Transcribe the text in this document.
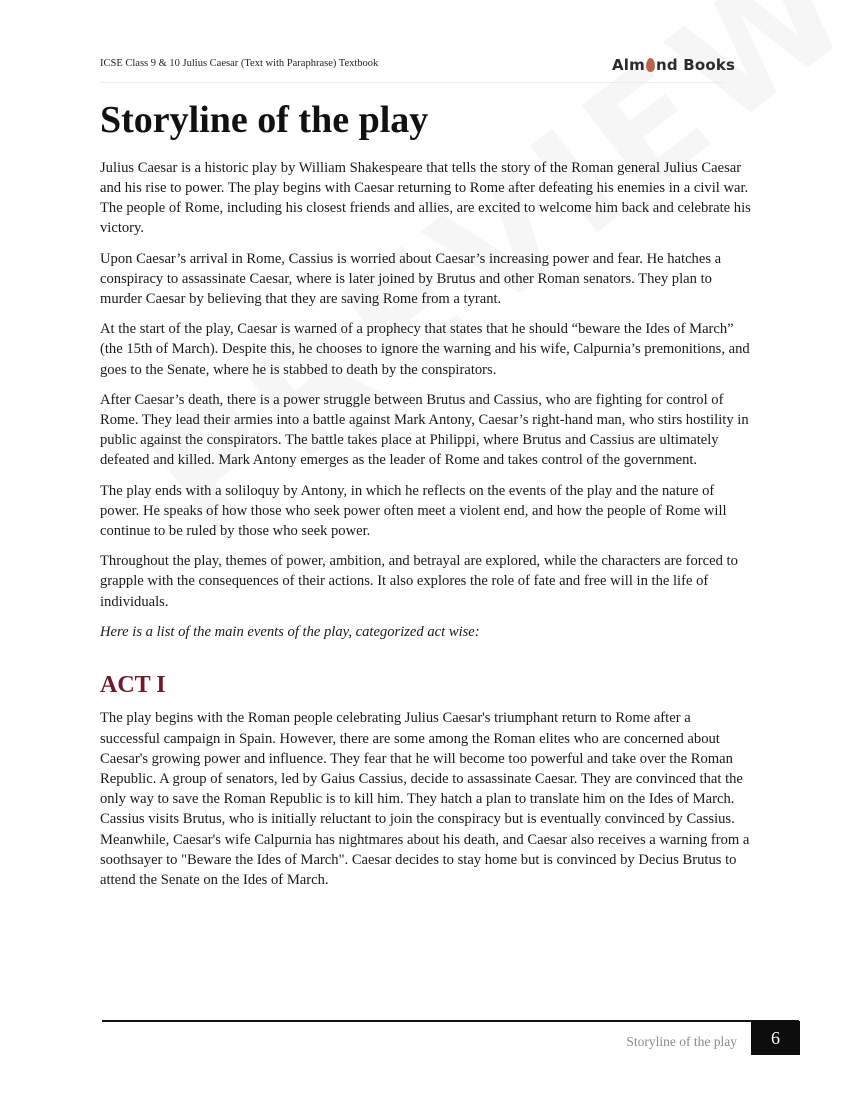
ICSE Class 9 & 10 Julius Caesar (Text with Paraphrase) Textbook	Alm nd Books
Storyline of the play

Julius Caesar is a historic play by William Shakespeare that tells the story of the Roman general Julius Caesar and his rise to power. The play begins with Caesar returning to Rome after defeating his enemies in a civil war. The people of Rome, including his closest friends and allies, are excited to welcome him back and celebrate his victory.

Upon Caesar’s arrival in Rome, Cassius is worried about Caesar’s increasing power and fear. He hatches a conspiracy to assassinate Caesar, where is later joined by Brutus and other Roman senators. They plan to murder Caesar by believing that they are saving Rome from a tyrant.

At the start of the play, Caesar is warned of a prophecy that states that he should “beware the Ides of March” (the 15th of March). Despite this, he chooses to ignore the warning and his wife, Calpurnia’s premonitions, and goes to the Senate, where he is stabbed to death by the conspirators.

After Caesar’s death, there is a power struggle between Brutus and Cassius, who are fighting for control of Rome. They lead their armies into a battle against Mark Antony, Caesar’s right-hand man, who stirs hostility in public against the conspirators. The battle takes place at Philippi, where Brutus and Cassius are ultimately defeated and killed. Mark Antony emerges as the leader of Rome and takes control of the government.

The play ends with a soliloquy by Antony, in which he reflects on the events of the play and the nature of power. He speaks of how those who seek power often meet a violent end, and how the people of Rome will continue to be ruled by those who seek power.

Throughout the play, themes of power, ambition, and betrayal are explored, while the characters are forced to grapple with the consequences of their actions. It also explores the role of fate and free will in the life of individuals.

Here is a list of the main events of the play, categorized act wise:

ACT I

The play begins with the Roman people celebrating Julius Caesar's triumphant return to Rome after a successful campaign in Spain. However, there are some among the Roman elites who are concerned about Caesar's growing power and influence. They fear that he will become too powerful and take over the Roman Republic. A group of senators, led by Gaius Cassius, decide to assassinate Caesar. They are convinced that the only way to save the Roman Republic is to kill him. They hatch a plan to translate him on the Ides of March. Cassius visits Brutus, who is initially reluctant to join the conspiracy but is eventually convinced by Cassius. Meanwhile, Caesar's wife Calpurnia has nightmares about his death, and Caesar also receives a warning from a soothsayer to "Beware the Ides of March". Caesar decides to stay home but is convinced by Decius Brutus to attend the Senate on the Ides of March.

Storyline of the play	6
